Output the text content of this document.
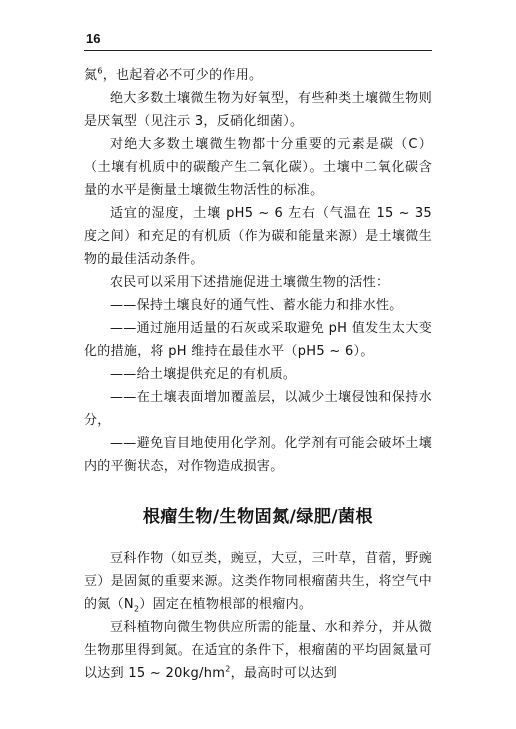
16

氮$^6$，也起着必不可少的作用。

绝大多数土壤微生物为好氧型，有些种类土壤微生物则是厌氧型（见注示 3，反硝化细菌）。

对绝大多数土壤微生物都十分重要的元素是碳（C）（土壤有机质中的碳酸产生二氧化碳）。土壤中二氧化碳含量的水平是衡量土壤微生物活性的标准。

适宜的湿度，土壤 pH5 ~ 6 左右（气温在 15 ~ 35 度之间）和充足的有机质（作为碳和能量来源）是土壤微生物的最佳活动条件。

农民可以采用下述措施促进土壤微生物的活性：

——保持土壤良好的通气性、蓄水能力和排水性。

——通过施用适量的石灰或采取避免 pH 值发生太大变化的措施，将 pH 维持在最佳水平（pH5 ~ 6）。

——给土壤提供充足的有机质。

——在土壤表面增加覆盖层，以减少土壤侵蚀和保持水分，

——避免盲目地使用化学剂。化学剂有可能会破坏土壤内的平衡状态，对作物造成损害。

根瘤生物/生物固氮/绿肥/菌根

豆科作物（如豆类，豌豆，大豆，三叶草，苜蓿，野豌豆）是固氮的重要来源。这类作物同根瘤菌共生，将空气中的氮$(N_2)$固定在植物根部的根瘤内。

豆科植物向微生物供应所需的能量、水和养分，并从微生物那里得到氮。在适宜的条件下，根瘤菌的平均固氮量可以达到 15 ~ $20kg/hm^2$，最高时可以达到
